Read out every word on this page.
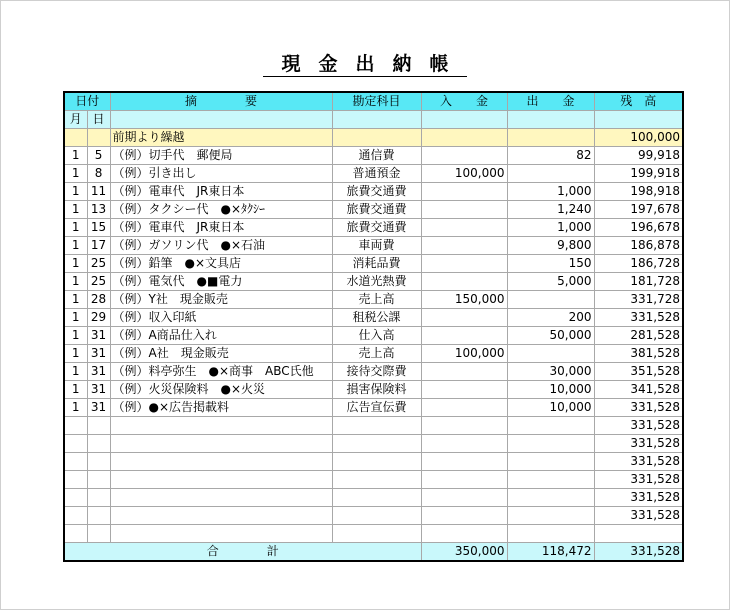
現金出納帳
日付		摘　　　　要	勘定科目	入　　金	出　　金	残　高
月	日					
		前期より繰越				100,000
1	5	（例）切手代　郵便局	通信費		82	99,918
1	8	（例）引き出し	普通預金	100,000		199,918
1	11	（例）電車代　JR東日本	旅費交通費		1,000	198,918
1	13	（例）タクシー代　●×ﾀｸｼｰ	旅費交通費		1,240	197,678
1	15	（例）電車代　JR東日本	旅費交通費		1,000	196,678
1	17	（例）ガソリン代　●×石油	車両費		9,800	186,878
1	25	（例）鉛筆　●×文具店	消耗品費		150	186,728
1	25	（例）電気代　●■電力	水道光熱費		5,000	181,728
1	28	（例）Y社　現金販売	売上高	150,000		331,728
1	29	（例）収入印紙	租税公課		200	331,528
1	31	（例）A商品仕入れ	仕入高		50,000	281,528
1	31	（例）A社　現金販売	売上高	100,000		381,528
1	31	（例）料亭弥生　●×商事　ABC氏他	接待交際費		30,000	351,528
1	31	（例）火災保険料　●×火災	損害保険料		10,000	341,528
1	31	（例）●×広告掲載料	広告宣伝費		10,000	331,528
						331,528
						331,528
						331,528
						331,528
						331,528
						331,528

合　　　　計				350,000	118,472	331,528
